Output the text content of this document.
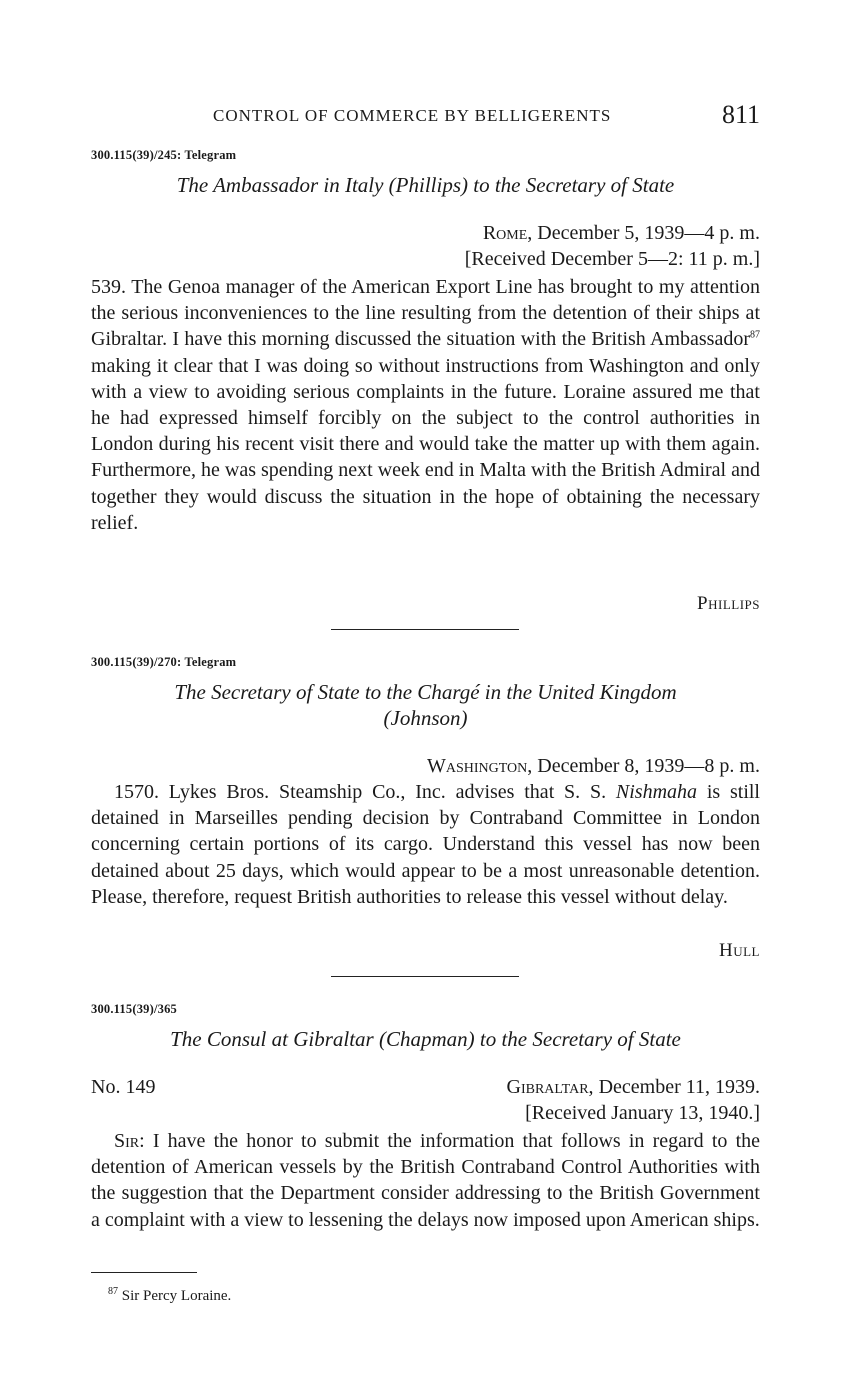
CONTROL OF COMMERCE BY BELLIGERENTS	811
300.115(39)/245: Telegram
The Ambassador in Italy (Phillips) to the Secretary of State
Rome, December 5, 1939—4 p. m.
[Received December 5—2: 11 p. m.]

539. The Genoa manager of the American Export Line has brought to my attention the serious inconveniences to the line resulting from the detention of their ships at Gibraltar. I have this morning discussed the situation with the British Ambassador$^{87}$ making it clear that I was doing so without instructions from Washington and only with a view to avoiding serious complaints in the future. Loraine assured me that he had expressed himself forcibly on the subject to the control authorities in London during his recent visit there and would take the matter up with them again. Furthermore, he was spending next week end in Malta with the British Admiral and together they would discuss the situation in the hope of obtaining the necessary relief.

Phillips
300.115(39)/270: Telegram
The Secretary of State to the Chargé in the United Kingdom
(Johnson)
Washington, December 8, 1939—8 p. m.

1570. Lykes Bros. Steamship Co., Inc. advises that S. S. Nishmaha is still detained in Marseilles pending decision by Contraband Committee in London concerning certain portions of its cargo. Understand this vessel has now been detained about 25 days, which would appear to be a most unreasonable detention. Please, therefore, request British authorities to release this vessel without delay.

Hull
300.115(39)/365
The Consul at Gibraltar (Chapman) to the Secretary of State
No. 149	Gibraltar, December 11, 1939.
[Received January 13, 1940.]

Sir: I have the honor to submit the information that follows in regard to the detention of American vessels by the British Contraband Control Authorities with the suggestion that the Department consider addressing to the British Government a complaint with a view to lessening the delays now imposed upon American ships.

$^{87}$ Sir Percy Loraine.
